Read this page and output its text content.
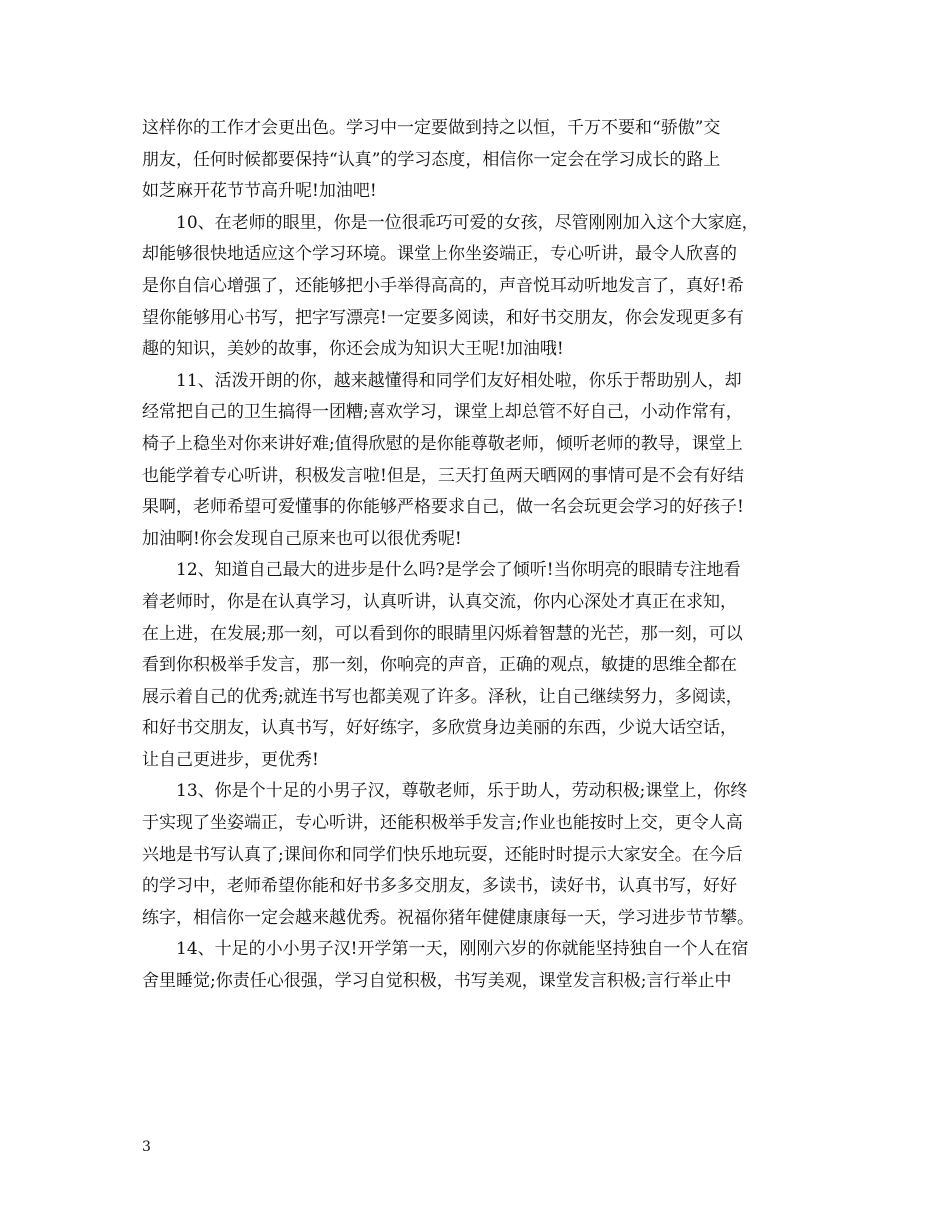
这样你的工作才会更出色。学习中一定要做到持之以恒，千万不要和“骄傲”交
朋友，任何时候都要保持“认真”的学习态度，相信你一定会在学习成长的路上
如芝麻开花节节高升呢!加油吧!

10、在老师的眼里，你是一位很乖巧可爱的女孩，尽管刚刚加入这个大家庭，
却能够很快地适应这个学习环境。课堂上你坐姿端正，专心听讲，最令人欣喜的
是你自信心增强了，还能够把小手举得高高的，声音悦耳动听地发言了，真好!希
望你能够用心书写，把字写漂亮!一定要多阅读，和好书交朋友，你会发现更多有
趣的知识，美妙的故事，你还会成为知识大王呢!加油哦!

11、活泼开朗的你，越来越懂得和同学们友好相处啦，你乐于帮助别人，却
经常把自己的卫生搞得一团糟;喜欢学习，课堂上却总管不好自己，小动作常有，
椅子上稳坐对你来讲好难;值得欣慰的是你能尊敬老师，倾听老师的教导，课堂上
也能学着专心听讲，积极发言啦!但是，三天打鱼两天晒网的事情可是不会有好结
果啊，老师希望可爱懂事的你能够严格要求自己，做一名会玩更会学习的好孩子!
加油啊!你会发现自己原来也可以很优秀呢!

12、知道自己最大的进步是什么吗?是学会了倾听!当你明亮的眼睛专注地看
着老师时，你是在认真学习，认真听讲，认真交流，你内心深处才真正在求知，
在上进，在发展;那一刻，可以看到你的眼睛里闪烁着智慧的光芒，那一刻，可以
看到你积极举手发言，那一刻，你响亮的声音，正确的观点，敏捷的思维全都在
展示着自己的优秀;就连书写也都美观了许多。泽秋，让自己继续努力，多阅读，
和好书交朋友，认真书写，好好练字，多欣赏身边美丽的东西，少说大话空话，
让自己更进步，更优秀!

13、你是个十足的小男子汉，尊敬老师，乐于助人，劳动积极;课堂上，你终
于实现了坐姿端正，专心听讲，还能积极举手发言;作业也能按时上交，更令人高
兴地是书写认真了;课间你和同学们快乐地玩耍，还能时时提示大家安全。在今后
的学习中，老师希望你能和好书多多交朋友，多读书，读好书，认真书写，好好
练字，相信你一定会越来越优秀。祝福你猪年健健康康每一天，学习进步节节攀。

14、十足的小小男子汉!开学第一天，刚刚六岁的你就能坚持独自一个人在宿
舍里睡觉;你责任心很强，学习自觉积极，书写美观，课堂发言积极;言行举止中

3
